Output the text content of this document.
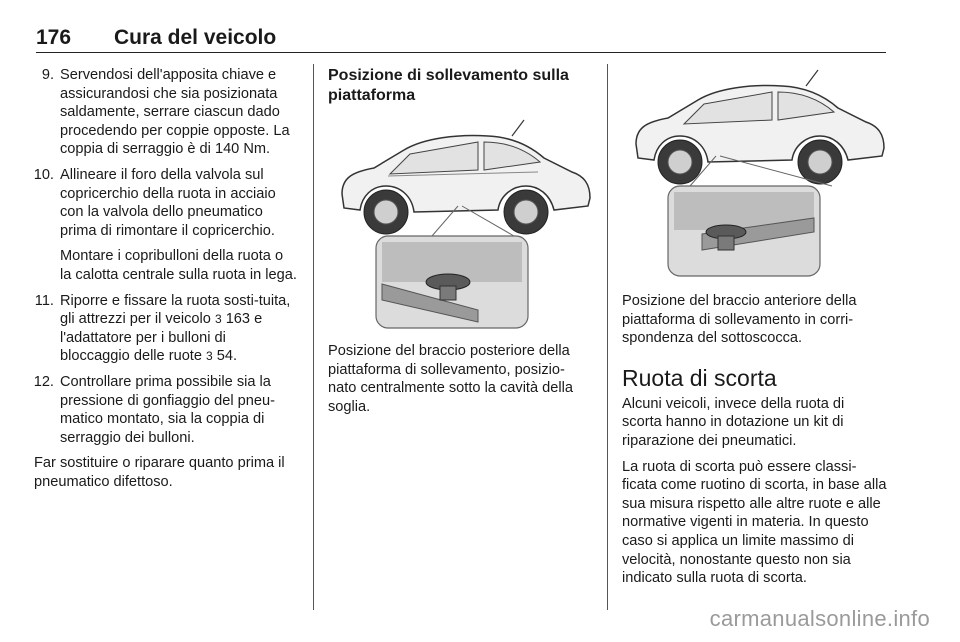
176 Cura del veicolo
9. Servendosi dell'apposita chiave e assicurandosi che sia posizionata saldamente, serrare ciascun dado procedendo per coppie opposte. La coppia di serraggio è di 140 Nm.
10. Allineare il foro della valvola sul copricerchio della ruota in acciaio con la valvola dello pneumatico prima di rimontare il copricerchio.
Montare i copribulloni della ruota o la calotta centrale sulla ruota in lega.
11. Riporre e fissare la ruota sosti-tuita, gli attrezzi per il veicolo 3 163 e l'adattatore per i bulloni di bloccaggio delle ruote 3 54.
12. Controllare prima possibile sia la pressione di gonfiaggio del pneu-matico montato, sia la coppia di serraggio dei bulloni.

Far sostituire o riparare quanto prima il pneumatico difettoso.

Posizione di sollevamento sulla piattaforma

Posizione del braccio posteriore della piattaforma di sollevamento, posizio-nato centralmente sotto la cavità della soglia.

Posizione del braccio anteriore della piattaforma di sollevamento in corri-spondenza del sottoscocca.

Ruota di scorta

Alcuni veicoli, invece della ruota di scorta hanno in dotazione un kit di riparazione dei pneumatici.

La ruota di scorta può essere classi-ficata come ruotino di scorta, in base alla sua misura rispetto alle altre ruote e alle normative vigenti in materia. In questo caso si applica un limite massimo di velocità, nonostante questo non sia indicato sulla ruota di scorta.

carmanualsonline.info
